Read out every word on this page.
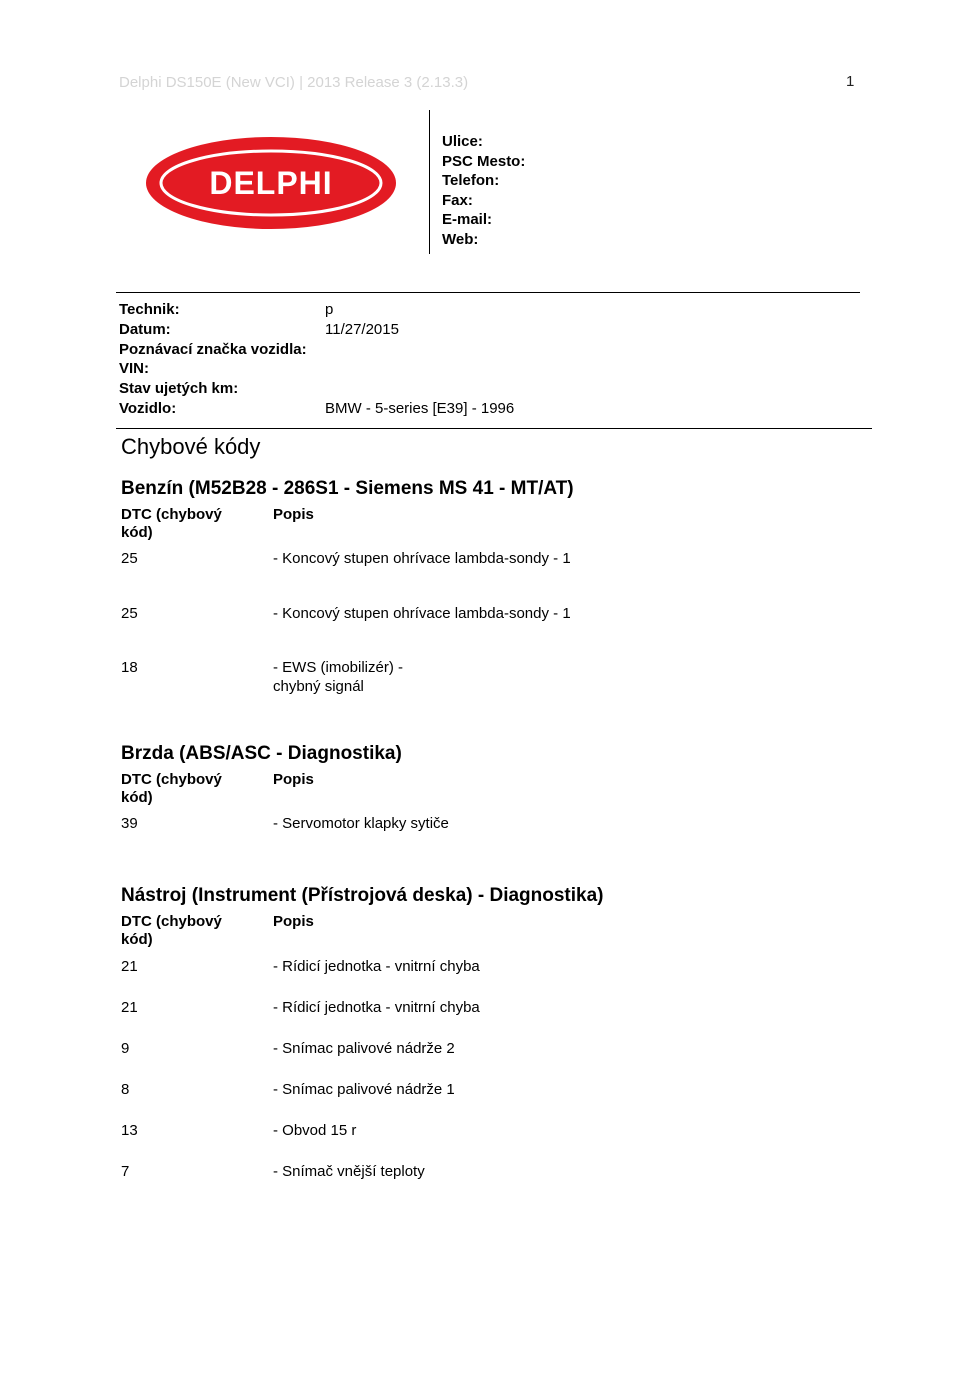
Delphi DS150E (New VCI) | 2013 Release 3 (2.13.3)	1
DELPHI
Ulice:
PSC Mesto:
Telefon:
Fax:
E-mail:
Web:
Technik:	p
Datum:	11/27/2015
Poznávací značka vozidla:
VIN:
Stav ujetých km:
Vozidlo:	BMW - 5-series [E39] - 1996
Chybové kódy
Benzín (M52B28 - 286S1 - Siemens MS 41 - MT/AT)
DTC (chybový kód)
Popis
25	- Koncový stupen ohrívace lambda-sondy - 1
25	- Koncový stupen ohrívace lambda-sondy - 1
18	- EWS (imobilizér) - chybný signál
Brzda (ABS/ASC - Diagnostika)
DTC (chybový kód)
Popis
39	- Servomotor klapky sytiče
Nástroj (Instrument (Přístrojová deska) - Diagnostika)
DTC (chybový kód)
Popis
21	- Rídicí jednotka - vnitrní chyba
21	- Rídicí jednotka - vnitrní chyba
9	- Snímac palivové nádrže 2
8	- Snímac palivové nádrže 1
13	- Obvod 15 r
7	- Snímač vnější teploty
